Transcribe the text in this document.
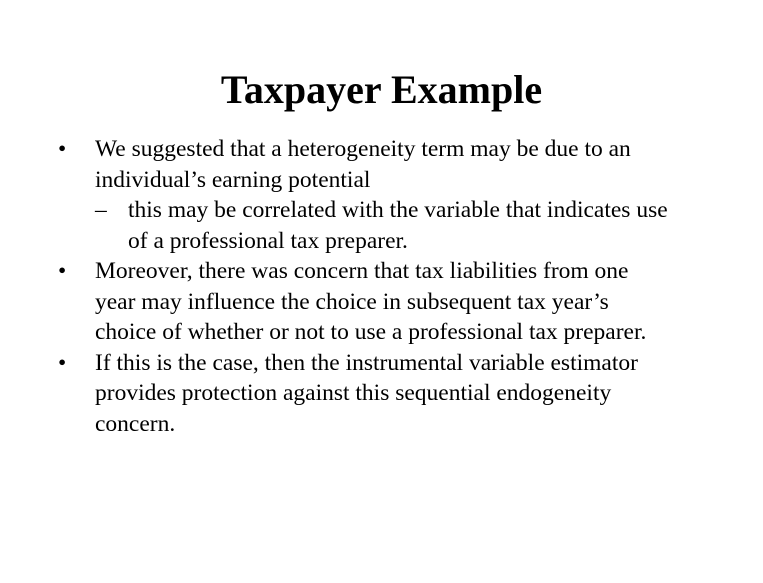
Taxpayer Example
•	We suggested that a heterogeneity term may be due to an
individual’s earning potential
– this may be correlated with the variable that indicates use
of a professional tax preparer.
•	Moreover, there was concern that tax liabilities from one
year may influence the choice in subsequent tax year’s
choice of whether or not to use a professional tax preparer.
•	If this is the case, then the instrumental variable estimator
provides protection against this sequential endogeneity
concern.
